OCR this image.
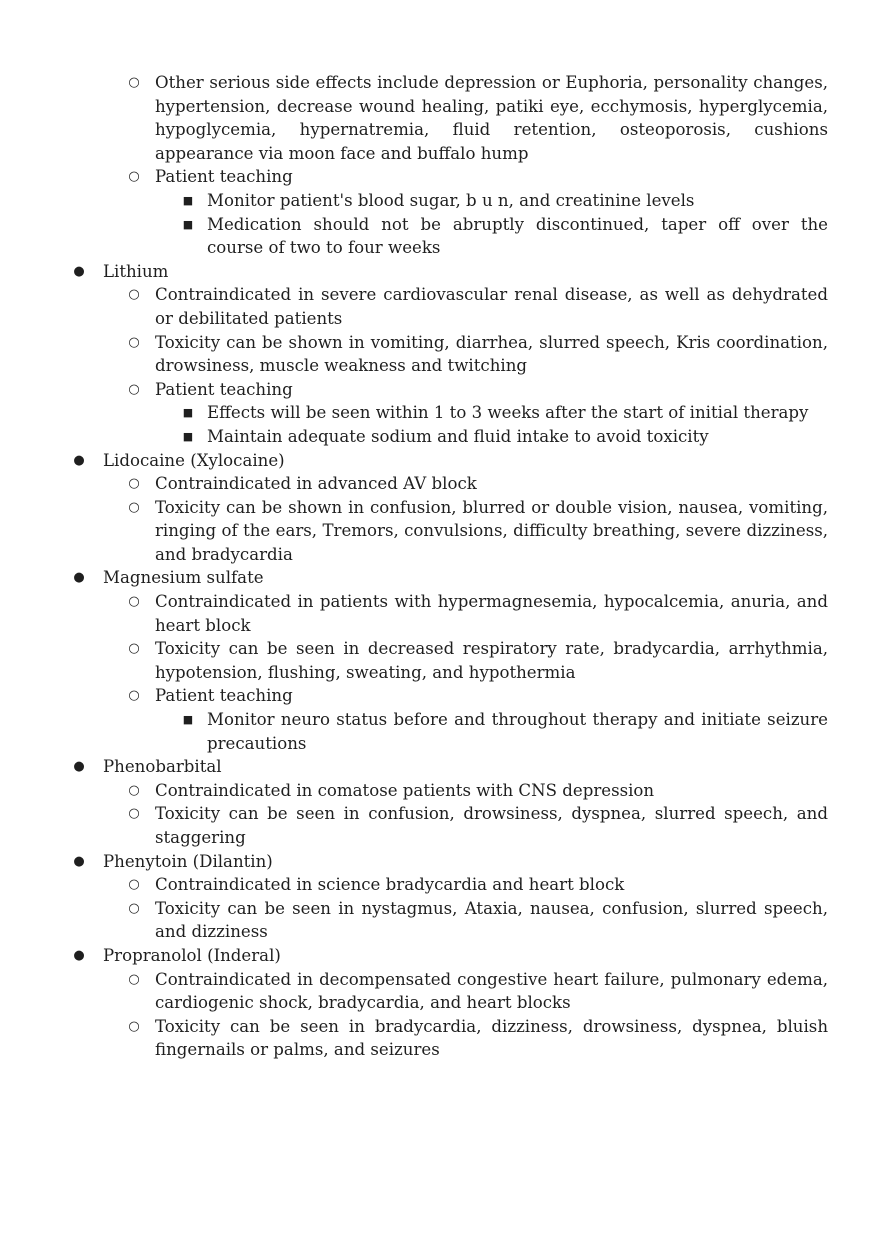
○ Other serious side effects include depression or Euphoria, personality changes, hypertension, decrease wound healing, patiki eye, ecchymosis, hyperglycemia, hypoglycemia, hypernatremia, fluid retention, osteoporosis, cushions appearance via moon face and buffalo hump
○ Patient teaching
■ Monitor patient's blood sugar, b u n, and creatinine levels
■ Medication should not be abruptly discontinued, taper off over the course of two to four weeks
● Lithium
○ Contraindicated in severe cardiovascular renal disease, as well as dehydrated or debilitated patients
○ Toxicity can be shown in vomiting, diarrhea, slurred speech, Kris coordination, drowsiness, muscle weakness and twitching
○ Patient teaching
■ Effects will be seen within 1 to 3 weeks after the start of initial therapy
■ Maintain adequate sodium and fluid intake to avoid toxicity
● Lidocaine (Xylocaine)
○ Contraindicated in advanced AV block
○ Toxicity can be shown in confusion, blurred or double vision, nausea, vomiting, ringing of the ears, Tremors, convulsions, difficulty breathing, severe dizziness, and bradycardia
● Magnesium sulfate
○ Contraindicated in patients with hypermagnesemia, hypocalcemia, anuria, and heart block
○ Toxicity can be seen in decreased respiratory rate, bradycardia, arrhythmia, hypotension, flushing, sweating, and hypothermia
○ Patient teaching
■ Monitor neuro status before and throughout therapy and initiate seizure precautions
● Phenobarbital
○ Contraindicated in comatose patients with CNS depression
○ Toxicity can be seen in confusion, drowsiness, dyspnea, slurred speech, and staggering
● Phenytoin (Dilantin)
○ Contraindicated in science bradycardia and heart block
○ Toxicity can be seen in nystagmus, Ataxia, nausea, confusion, slurred speech, and dizziness
● Propranolol (Inderal)
○ Contraindicated in decompensated congestive heart failure, pulmonary edema, cardiogenic shock, bradycardia, and heart blocks
○ Toxicity can be seen in bradycardia, dizziness, drowsiness, dyspnea, bluish fingernails or palms, and seizures
